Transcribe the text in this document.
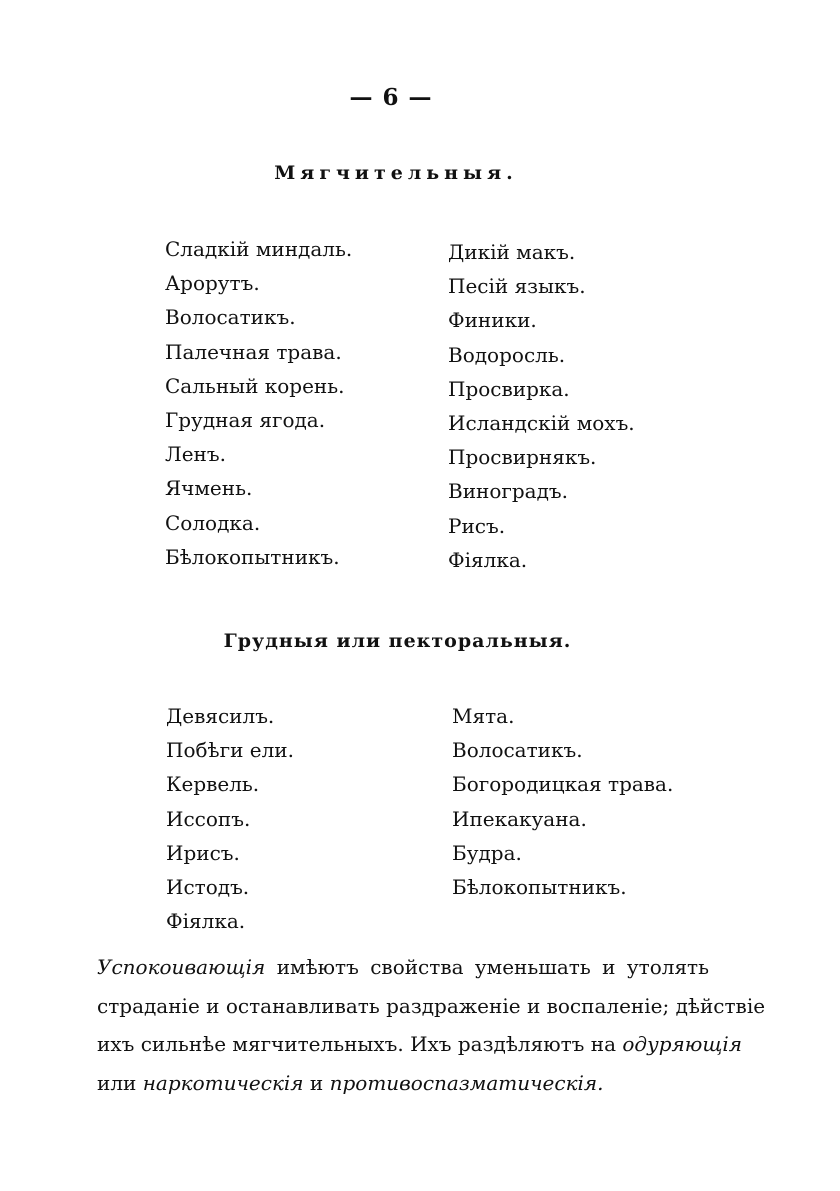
— 6 —
Мягчительныя.
Сладкій миндаль.
Арорутъ.
Волосатикъ.
Палечная трава.
Сальный корень.
Грудная ягода.
Ленъ.
Ячмень.
Солодка.
Бѣлокопытникъ.
Дикій макъ.
Песій языкъ.
Финики.
Водоросль.
Просвирка.
Исландскій мохъ.
Просвирнякъ.
Виноградъ.
Рисъ.
Фіялка.
Грудныя или пекторальныя.
Девясилъ.
Побѣги ели.
Кервель.
Иссопъ.
Ирисъ.
Истодъ.
Фіялка.
Мята.
Волосатикъ.
Богородицкая трава.
Ипекакуана.
Будра.
Бѣлокопытникъ.
Успокоивающія имѣютъ свойства уменьшать и утолять
страданіе и останавливать раздраженіе и воспаленіе; дѣйствіе
ихъ сильнѣе мягчительныхъ. Ихъ раздѣляютъ на одуряющія
или наркотическія и противоспазматическія.
